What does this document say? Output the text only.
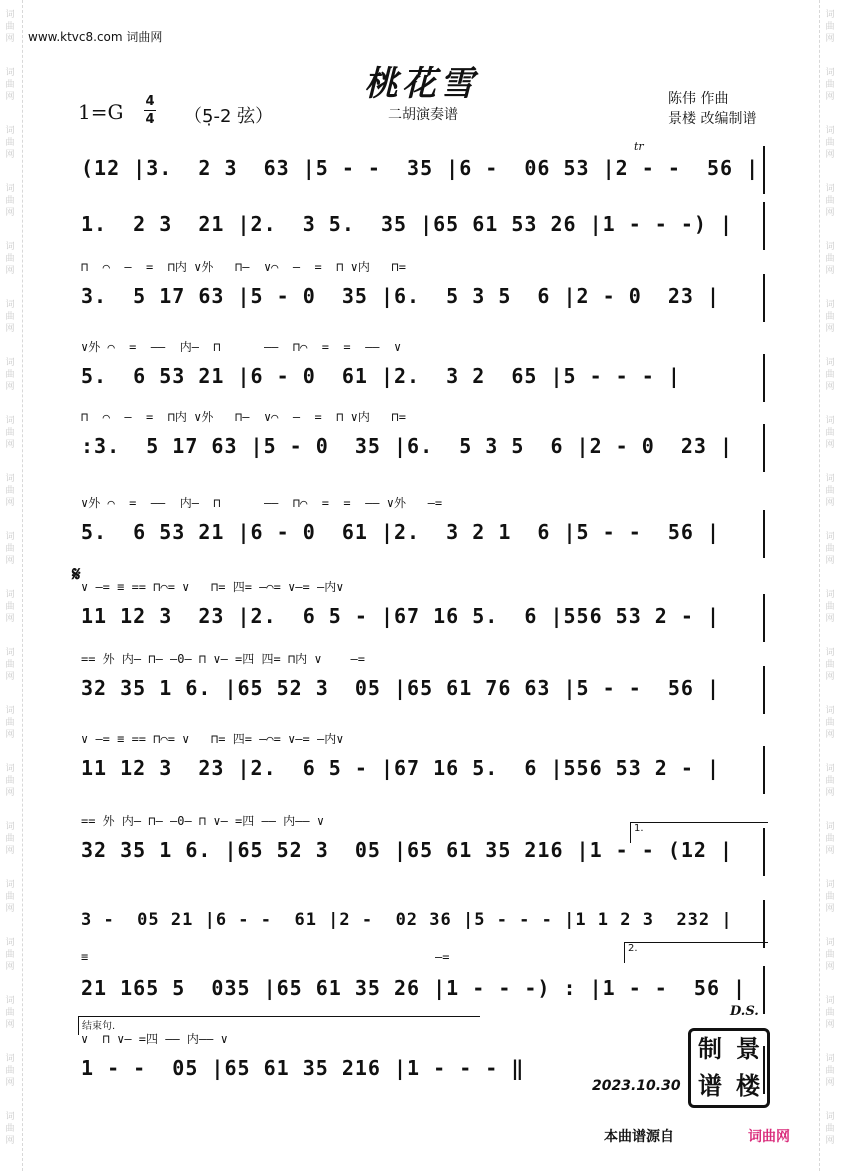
词
曲
网
词
曲
网
词
曲
网
词
曲
网
词
曲
网
词
曲
网
词
曲
网
词
曲
网
词
曲
网
词
曲
网
词
曲
网
词
曲
网
词
曲
网
词
曲
网
词
曲
网
词
曲
网
词
曲
网
词
曲
网
词
曲
网
词
曲
网
词
曲
网
词
曲
网
词
曲
网
词
曲
网
词
曲
网
词
曲
网
词
曲
网
词
曲
网
词
曲
网
词
曲
网
词
曲
网
词
曲
网
词
曲
网
词
曲
网
词
曲
网
词
曲
网
词
曲
网
词
曲
网
词
曲
网
词
曲
网
www.ktvc8.com 词曲网
桃花雪
1=G 4
4 （5̣-2 弦）	二胡演奏谱
陈伟 作曲
景楼 改编制谱
tr
𝄋
D.S.
(12 |3.  2 3  63 |5 - -  35 |6 -  06 53 |2 - -  56 |
1.  2 3  21 |2.  3 5.  35 |65 61 53 26 |1 - - -) |
⊓  ⌒  —  =  ⊓内 ∨外   ⊓—  ∨⌒  —  =  ⊓ ∨内   ⊓=
3.  5 17 63 |5 - 0  35 |6.  5 3 5  6 |2 - 0  23 |
∨外 ⌒  =  ——  内—  ⊓      ——  ⊓⌒  =  =  ——  ∨
5.  6 53 21 |6 - 0  61 |2.  3 2  65 |5 - - - |
⊓  ⌒  —  =  ⊓内 ∨外   ⊓—  ∨⌒  —  =  ⊓ ∨内   ⊓=
:3.  5 17 63 |5 - 0  35 |6.  5 3 5  6 |2 - 0  23 |
∨外 ⌒  =  ——  内—  ⊓      ——  ⊓⌒  =  =  —— ∨外   —=
5.  6 53 21 |6 - 0  61 |2.  3 2 1  6 |5 - -  56 |
∨ —= ≡ == ⊓⌒= ∨   ⊓= 四= —⌒= ∨—= —内∨
11 12 3  23 |2.  6 5 - |67 16 5.  6 |556 53 2 - |
== 外 内— ⊓— —0— ⊓ ∨— =四 四= ⊓内 ∨    —=
32 35 1 6. |65 52 3  05 |65 61 76 63 |5 - -  56 |
∨ —= ≡ == ⊓⌒= ∨   ⊓= 四= —⌒= ∨—= —内∨
11 12 3  23 |2.  6 5 - |67 16 5.  6 |556 53 2 - |
== 外 内— ⊓— —0— ⊓ ∨— =四 —— 内—— ∨
32 35 1 6. |65 52 3  05 |65 61 35 216 |1 - - (12 |
3 -  05 21 |6 - -  61 |2 -  02 36 |5 - - - |1 1 2 3  232 |
≡                                                —=
21 165 5  035 |65 61 35 26 |1 - - -) : |1 - -  56 |
∨  ⊓ ∨— =四 —— 内—— ∨
1 - -  05 |65 61 35 216 |1 - - - ‖
1.
2.
结束句.
2023.10.30
制 景
谱 楼
本曲谱源自	词曲网
